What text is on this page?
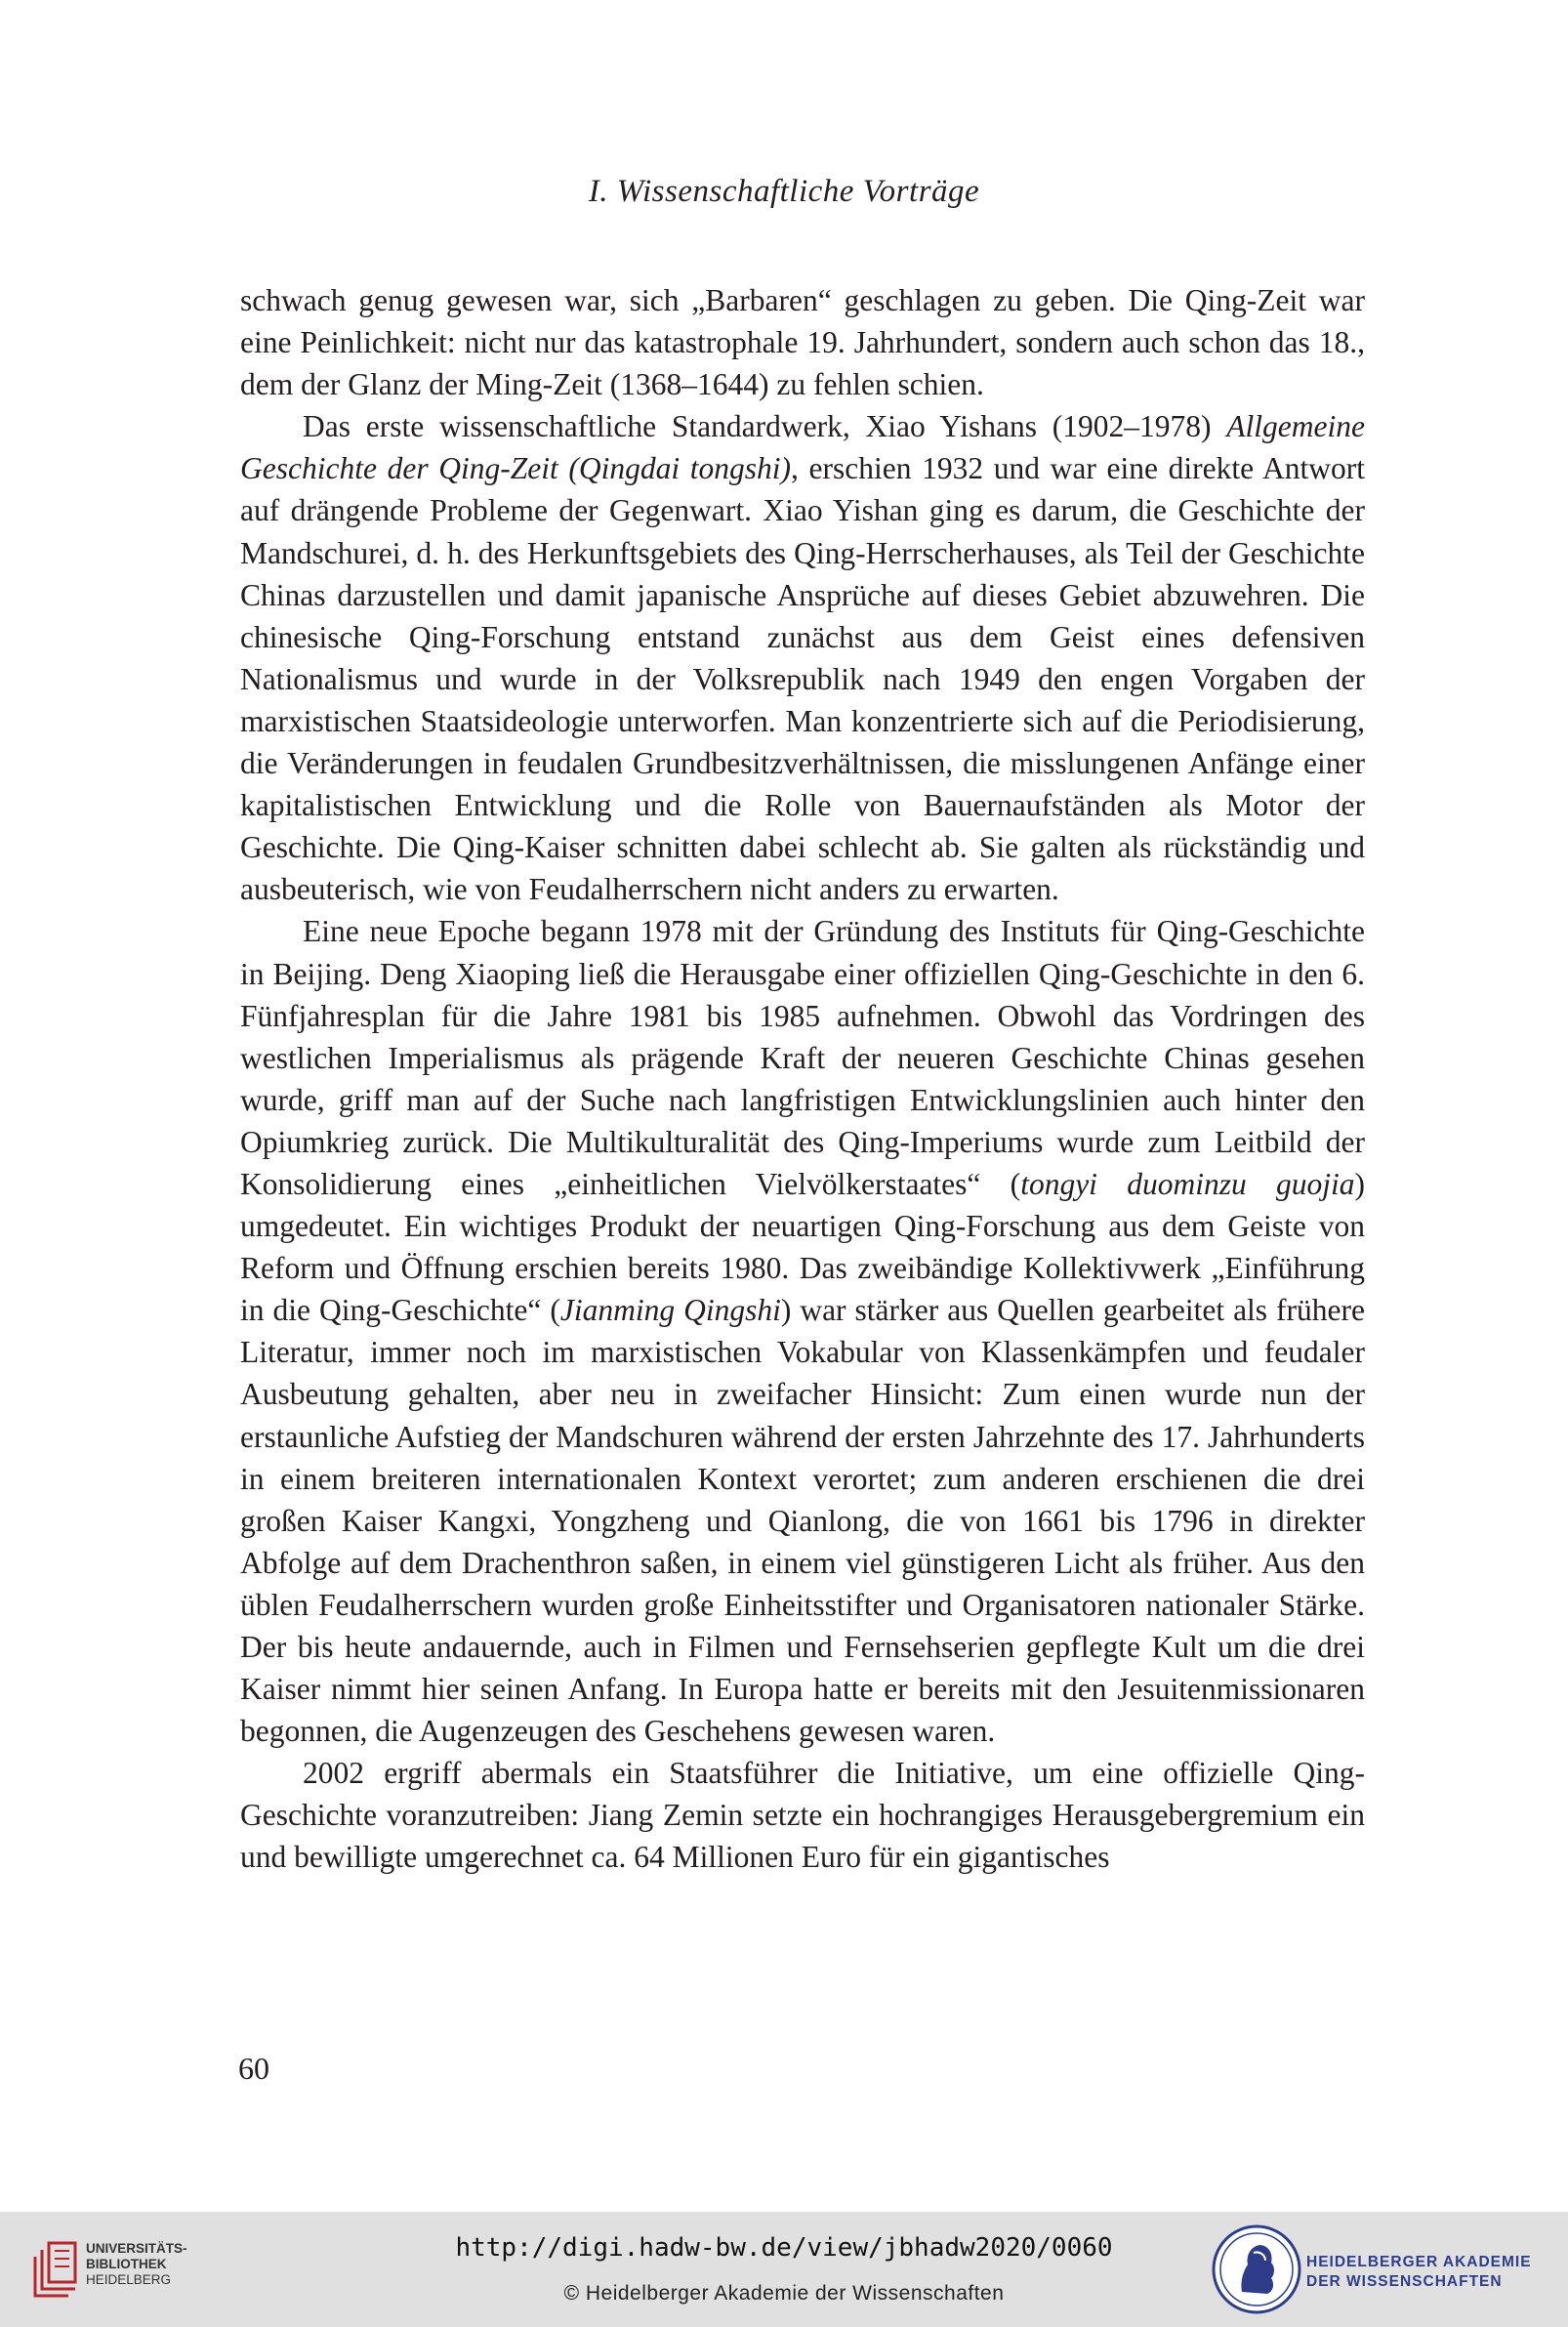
I. Wissenschaftliche Vorträge

schwach genug gewesen war, sich „Barbaren“ geschlagen zu geben. Die Qing-Zeit war eine Peinlichkeit: nicht nur das katastrophale 19. Jahrhundert, sondern auch schon das 18., dem der Glanz der Ming-Zeit (1368–1644) zu fehlen schien.

Das erste wissenschaftliche Standardwerk, Xiao Yishans (1902–1978) Allgemeine Geschichte der Qing-Zeit (Qingdai tongshi), erschien 1932 und war eine direkte Antwort auf drängende Probleme der Gegenwart. Xiao Yishan ging es darum, die Geschichte der Mandschurei, d. h. des Herkunftsgebiets des Qing-Herrscherhauses, als Teil der Geschichte Chinas darzustellen und damit japanische Ansprüche auf dieses Gebiet abzuwehren. Die chinesische Qing-Forschung entstand zunächst aus dem Geist eines defensiven Nationalismus und wurde in der Volksrepublik nach 1949 den engen Vorgaben der marxistischen Staatsideologie unterworfen. Man konzentrierte sich auf die Periodisierung, die Veränderungen in feudalen Grundbesitzverhältnissen, die misslungenen Anfänge einer kapitalistischen Entwicklung und die Rolle von Bauernaufständen als Motor der Geschichte. Die Qing-Kaiser schnitten dabei schlecht ab. Sie galten als rückständig und ausbeuterisch, wie von Feudalherrschern nicht anders zu erwarten.

Eine neue Epoche begann 1978 mit der Gründung des Instituts für Qing-Geschichte in Beijing. Deng Xiaoping ließ die Herausgabe einer offiziellen Qing-Geschichte in den 6. Fünfjahresplan für die Jahre 1981 bis 1985 aufnehmen. Obwohl das Vordringen des westlichen Imperialismus als prägende Kraft der neueren Geschichte Chinas gesehen wurde, griff man auf der Suche nach langfristigen Entwicklungslinien auch hinter den Opiumkrieg zurück. Die Multikulturalität des Qing-Imperiums wurde zum Leitbild der Konsolidierung eines „einheitlichen Vielvölkerstaates“ (tongyi duominzu guojia) umgedeutet. Ein wichtiges Produkt der neuartigen Qing-Forschung aus dem Geiste von Reform und Öffnung erschien bereits 1980. Das zweibändige Kollektivwerk „Einführung in die Qing-Geschichte“ (Jianming Qingshi) war stärker aus Quellen gearbeitet als frühere Literatur, immer noch im marxistischen Vokabular von Klassenkämpfen und feudaler Ausbeutung gehalten, aber neu in zweifacher Hinsicht: Zum einen wurde nun der erstaunliche Aufstieg der Mandschuren während der ersten Jahrzehnte des 17. Jahrhunderts in einem breiteren internationalen Kontext verortet; zum anderen erschienen die drei großen Kaiser Kangxi, Yongzheng und Qianlong, die von 1661 bis 1796 in direkter Abfolge auf dem Drachenthron saßen, in einem viel günstigeren Licht als früher. Aus den üblen Feudalherrschern wurden große Einheitsstifter und Organisatoren nationaler Stärke. Der bis heute andauernde, auch in Filmen und Fernsehserien gepflegte Kult um die drei Kaiser nimmt hier seinen Anfang. In Europa hatte er bereits mit den Jesuitenmissionaren begonnen, die Augenzeugen des Geschehens gewesen waren.

2002 ergriff abermals ein Staatsführer die Initiative, um eine offizielle Qing-Geschichte voranzutreiben: Jiang Zemin setzte ein hochrangiges Herausgebergremium ein und bewilligte umgerechnet ca. 64 Millionen Euro für ein gigantisches

60
UNIVERSITÄTS-
BIBLIOTHEK
HEIDELBERG
http://digi.hadw-bw.de/view/jbhadw2020/0060
© Heidelberger Akademie der Wissenschaften
HEIDELBERGER AKADEMIE
DER WISSENSCHAFTEN
